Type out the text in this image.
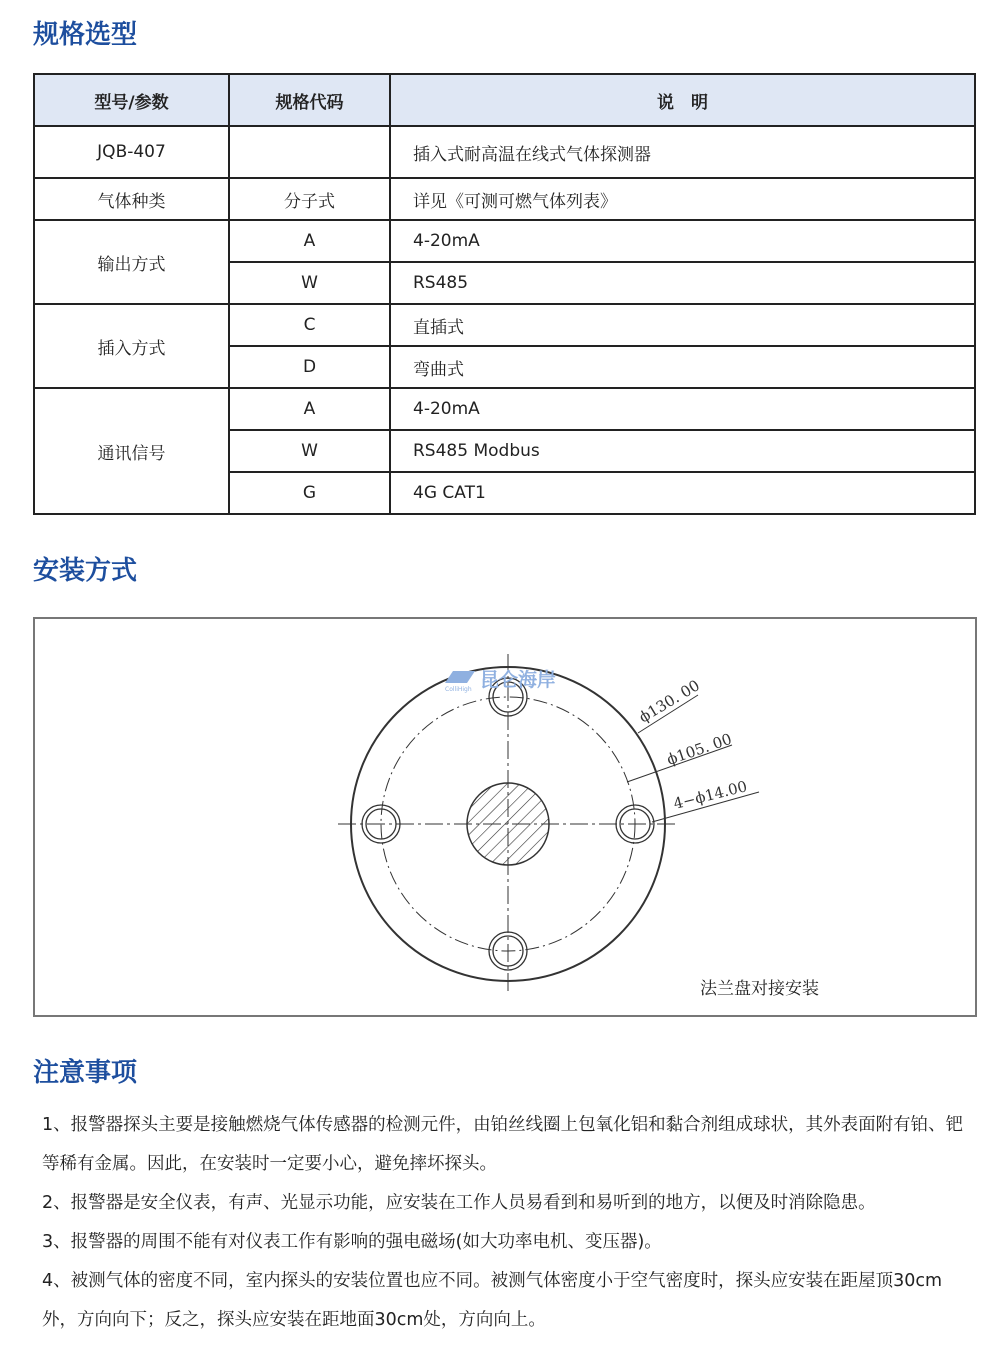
规格选型
型号/参数	规格代码	说　明
JQB-407		插入式耐高温在线式气体探测器
气体种类	分子式	详见《可测可燃气体列表》
输出方式	A	4-20mA
	W	RS485
插入方式	C	直插式
	D	弯曲式
通讯信号	A	4-20mA
	W	RS485 Modbus
	G	4G CAT1
安装方式
ϕ130. 00
ϕ105. 00
4−ϕ14.00
昆仑海岸
ColliHigh
法兰盘对接安装
注意事项

1、报警器探头主要是接触燃烧气体传感器的检测元件，由铂丝线圈上包氧化铝和黏合剂组成球状，其外表面附有铂、钯等稀有金属。因此，在安装时一定要小心，避免摔坏探头。

2、报警器是安全仪表，有声、光显示功能，应安装在工作人员易看到和易听到的地方，以便及时消除隐患。

3、报警器的周围不能有对仪表工作有影响的强电磁场(如大功率电机、变压器)。

4、被测气体的密度不同，室内探头的安装位置也应不同。被测气体密度小于空气密度时，探头应安装在距屋顶30cm外，方向向下；反之，探头应安装在距地面30cm处，方向向上。
